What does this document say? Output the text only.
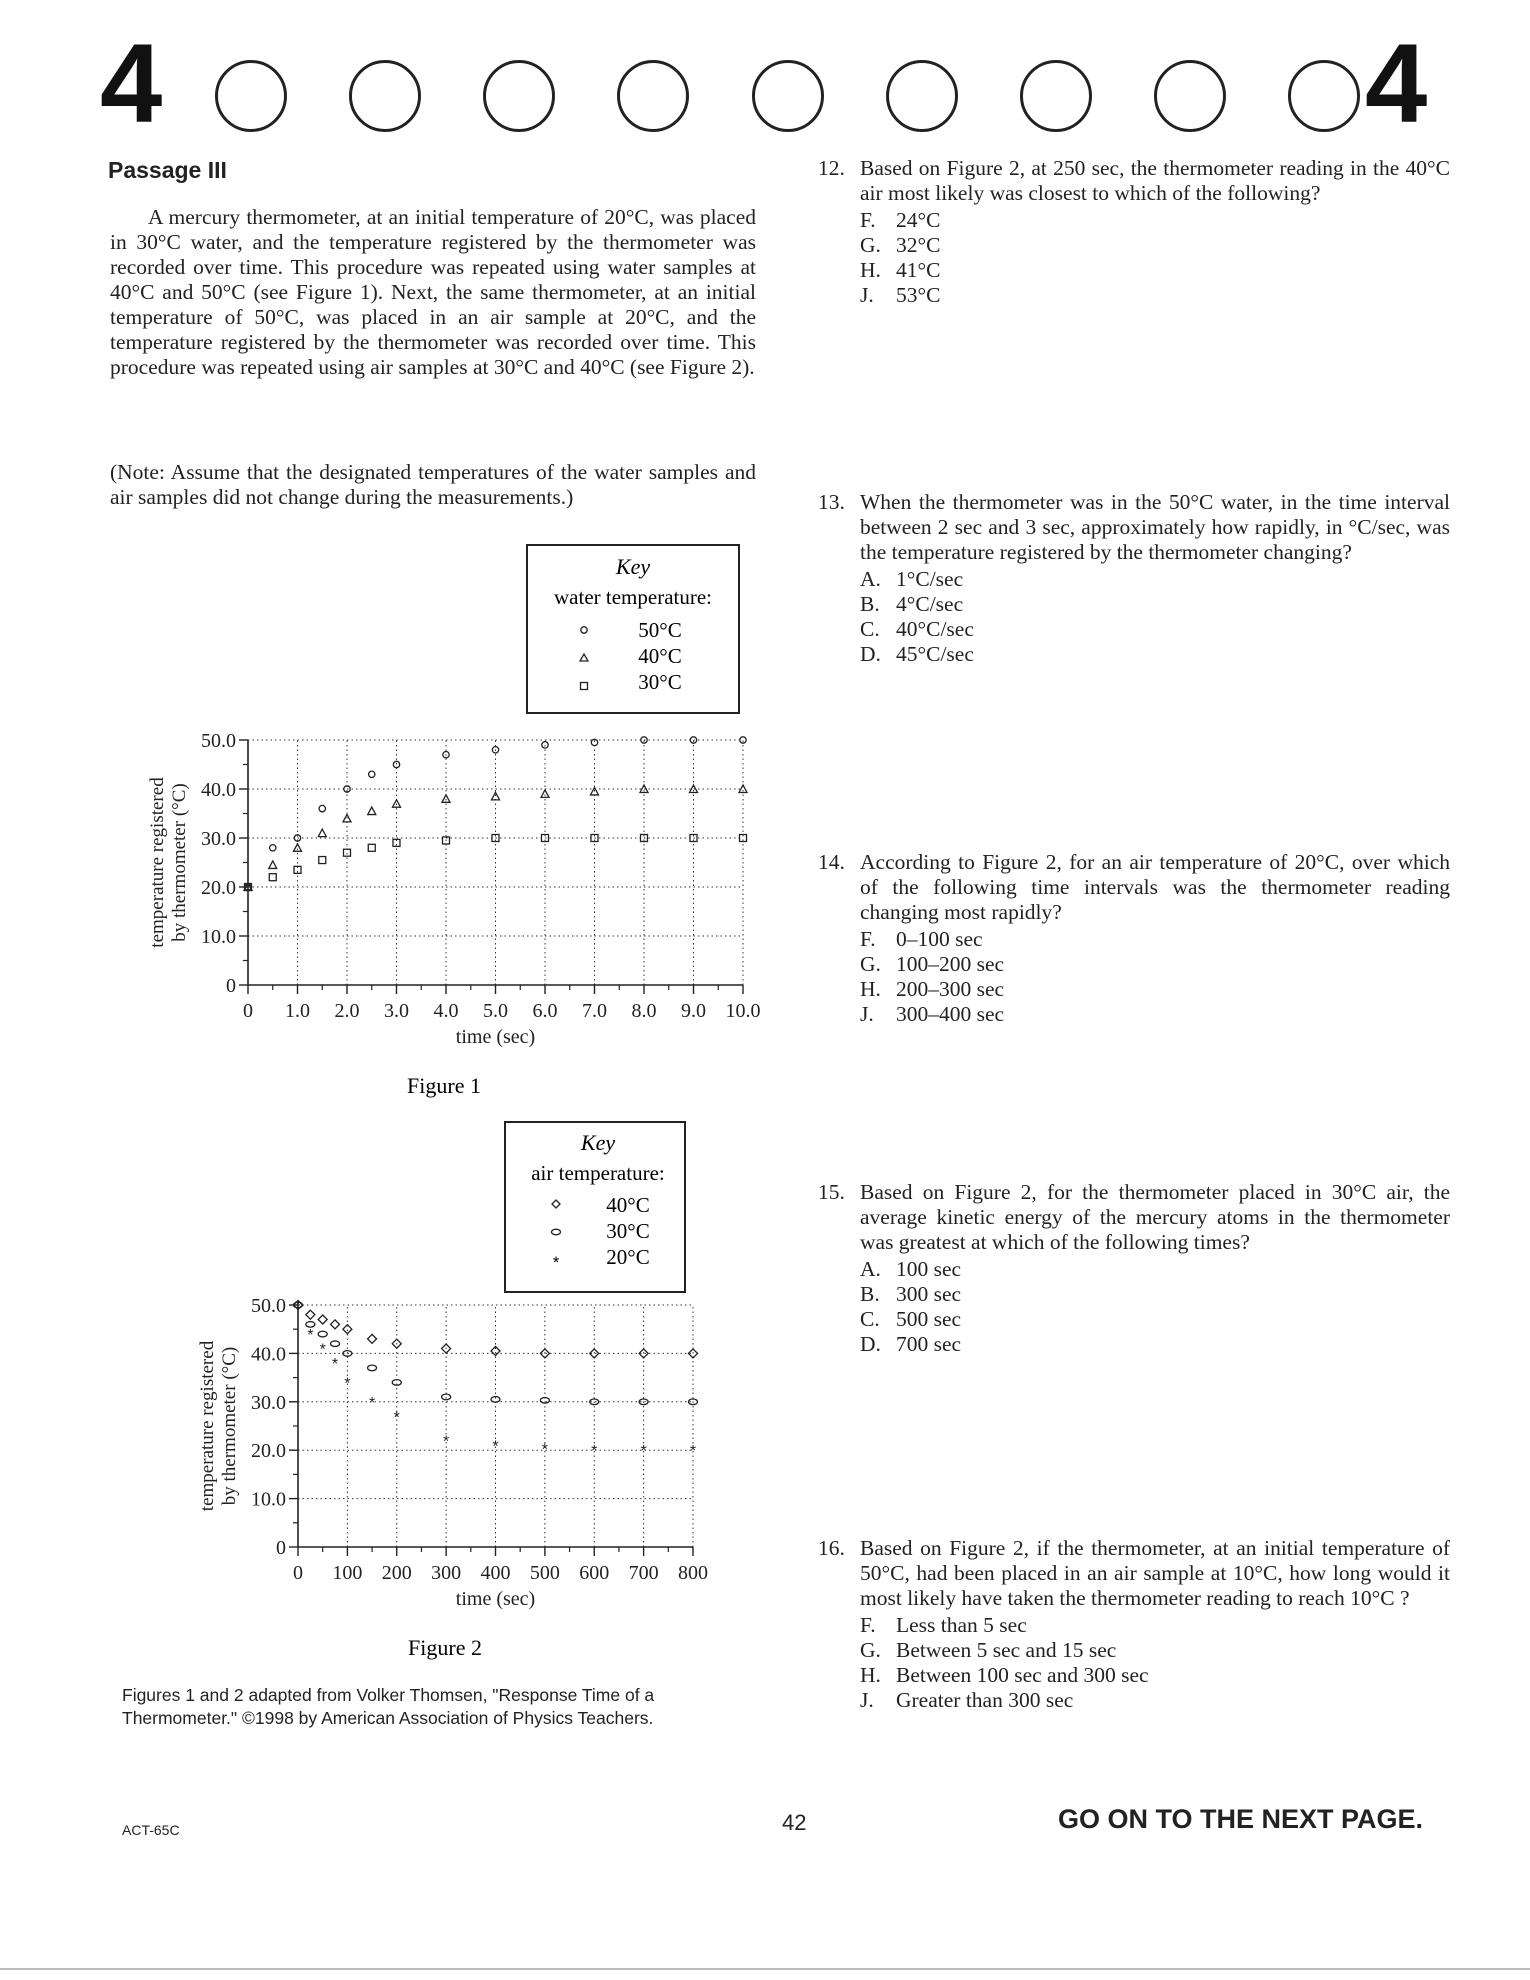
4	4
Passage III

A mercury thermometer, at an initial temperature of 20°C, was placed in 30°C water, and the temperature registered by the thermometer was recorded over time. This procedure was repeated using water samples at 40°C and 50°C (see Figure 1). Next, the same thermometer, at an initial temperature of 50°C, was placed in an air sample at 20°C, and the temperature registered by the thermometer was recorded over time. This procedure was repeated using air samples at 30°C and 40°C (see Figure 2).

(Note: Assume that the designated temperatures of the water samples and air samples did not change during the measurements.)

Key
water temperature:
50°C
40°C
30°C
0 1.0 2.0 3.0 4.0 5.0 6.0 7.0 8.0 9.0 10.0
0
10.0
20.0
30.0
40.0
50.0
time (sec)
temperature registeredby thermometer (°C)
Figure 1
Key
air temperature:
40°C
30°C
* 20°C
0 100 200 300 400 500 600 700 800
0
10.0
20.0
30.0
40.0
50.0
time (sec)
temperature registeredby thermometer (°C)
*
*
*
*
*
*
*
*	*	*	*	*	*
Figure 2
Figures 1 and 2 adapted from Volker Thomsen, "Response Time of a Thermometer." ©1998 by American Association of Physics Teachers.
12. Based on Figure 2, at 250 sec, the thermometer reading in the 40°C air most likely was closest to which of the following?
F. 24°C
G. 32°C
H. 41°C
J.	53°C
13. When the thermometer was in the 50°C water, in the time interval between 2 sec and 3 sec, approximately how rapidly, in °C/sec, was the temperature registered by the thermometer changing?
A. 1°C/sec
B. 4°C/sec
C. 40°C/sec
D. 45°C/sec
14. According to Figure 2, for an air temperature of 20°C, over which of the following time intervals was the thermometer reading changing most rapidly?
F. 0–100 sec
G. 100–200 sec
H. 200–300 sec
J.	300–400 sec
15. Based on Figure 2, for the thermometer placed in 30°C air, the average kinetic energy of the mercury atoms in the thermometer was greatest at which of the following times?
A. 100 sec
B. 300 sec
C. 500 sec
D. 700 sec
16. Based on Figure 2, if the thermometer, at an initial temperature of 50°C, had been placed in an air sample at 10°C, how long would it most likely have taken the thermometer reading to reach 10°C ?
F. Less than 5 sec
G. Between 5 sec and 15 sec
H. Between 100 sec and 300 sec
J.	Greater than 300 sec
ACT-65C	42	GO ON TO THE NEXT PAGE.
